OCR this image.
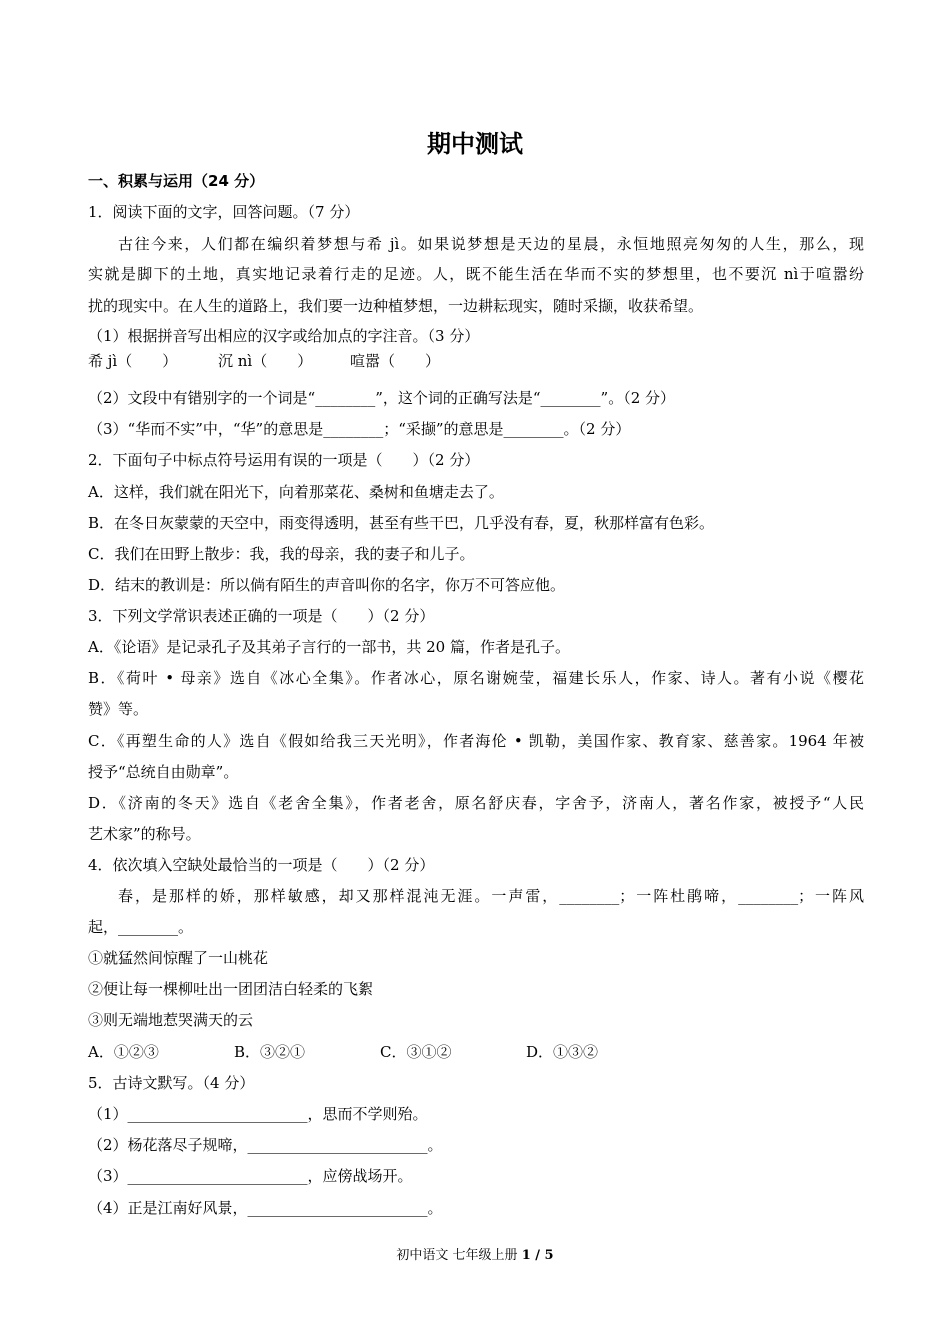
期中测试

一、积累与运用（24 分）

1．阅读下面的文字，回答问题。（7 分）

古往今来，人们都在编织着梦想与希 jì。如果说梦想是天边的星晨，永恒地照亮匆匆的人生，那么，现

实就是脚下的土地，真实地记录着行走的足迹。人，既不能生活在华而不实的梦想里，也不要沉 nì于喧嚣纷

扰的现实中。在人生的道路上，我们要一边种植梦想，一边耕耘现实，随时采撷，收获希望。

（1）根据拼音写出相应的汉字或给加点的字注音。（3 分）

希 jì（　　）	沉 nì（　　）	喧嚣（　　）

（2）文段中有错别字的一个词是“________”，这个词的正确写法是“________”。（2 分）

（3）“华而不实”中，“华”的意思是________；“采撷”的意思是________。（2 分）

2．下面句子中标点符号运用有误的一项是（　　）（2 分）

A．这样，我们就在阳光下，向着那菜花、桑树和鱼塘走去了。

B．在冬日灰蒙蒙的天空中，雨变得透明，甚至有些干巴，几乎没有春，夏，秋那样富有色彩。

C．我们在田野上散步：我，我的母亲，我的妻子和儿子。

D．结末的教训是：所以倘有陌生的声音叫你的名字，你万不可答应他。

3．下列文学常识表述正确的一项是（　　）（2 分）

A．《论语》是记录孔子及其弟子言行的一部书，共 20 篇，作者是孔子。

B．《荷叶 • 母亲》选自《冰心全集》。作者冰心，原名谢婉莹，福建长乐人，作家、诗人。著有小说《樱花

赞》等。

C．《再塑生命的人》选自《假如给我三天光明》，作者海伦 • 凯勒，美国作家、教育家、慈善家。1964 年被

授予“总统自由勋章”。

D．《济南的冬天》选自《老舍全集》，作者老舍，原名舒庆春，字舍予，济南人，著名作家，被授予“人民

艺术家”的称号。

4．依次填入空缺处最恰当的一项是（　　）（2 分）

春，是那样的娇，那样敏感，却又那样混沌无涯。一声雷，________；一阵杜鹃啼，________；一阵风

起，________。

①就猛然间惊醒了一山桃花

②便让每一棵柳吐出一团团洁白轻柔的飞絮

③则无端地惹哭满天的云

A．①②③	B．③②①	C．③①②	D．①③②

5．古诗文默写。（4 分）

（1）________________________，思而不学则殆。

（2）杨花落尽子规啼，________________________。

（3）________________________，应傍战场开。

（4）正是江南好风景，________________________。

初中语文 七年级上册 1 / 5
